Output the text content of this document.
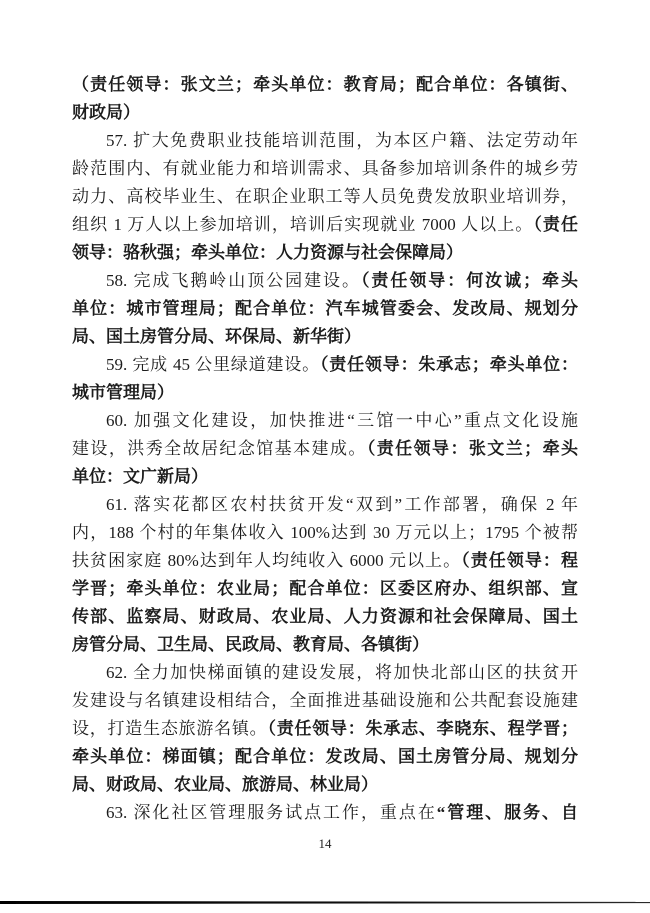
（责任领导：张文兰；牵头单位：教育局；配合单位：各镇街、
财政局）
57. 扩大免费职业技能培训范围，为本区户籍、法定劳动年
龄范围内、有就业能力和培训需求、具备参加培训条件的城乡劳
动力、高校毕业生、在职企业职工等人员免费发放职业培训券，
组织 1 万人以上参加培训，培训后实现就业 7000 人以上。（责任
领导：骆秋强；牵头单位：人力资源与社会保障局）
58. 完成飞鹅岭山顶公园建设。（责任领导：何汝诚；牵头
单位：城市管理局；配合单位：汽车城管委会、发改局、规划分
局、国土房管分局、环保局、新华街）
59. 完成 45 公里绿道建设。（责任领导：朱承志；牵头单位：
城市管理局）
60. 加强文化建设，加快推进“三馆一中心”重点文化设施
建设，洪秀全故居纪念馆基本建成。（责任领导：张文兰；牵头
单位：文广新局）
61. 落实花都区农村扶贫开发“双到”工作部署，确保 2 年
内，188 个村的年集体收入 100%达到 30 万元以上；1795 个被帮
扶贫困家庭 80%达到年人均纯收入 6000 元以上。（责任领导：程
学晋；牵头单位：农业局；配合单位：区委区府办、组织部、宣
传部、监察局、财政局、农业局、人力资源和社会保障局、国土
房管分局、卫生局、民政局、教育局、各镇街）
62. 全力加快梯面镇的建设发展，将加快北部山区的扶贫开
发建设与名镇建设相结合，全面推进基础设施和公共配套设施建
设，打造生态旅游名镇。（责任领导：朱承志、李晓东、程学晋；
牵头单位：梯面镇；配合单位：发改局、国土房管分局、规划分
局、财政局、农业局、旅游局、林业局）
63. 深化社区管理服务试点工作，重点在“管理、服务、自
14
